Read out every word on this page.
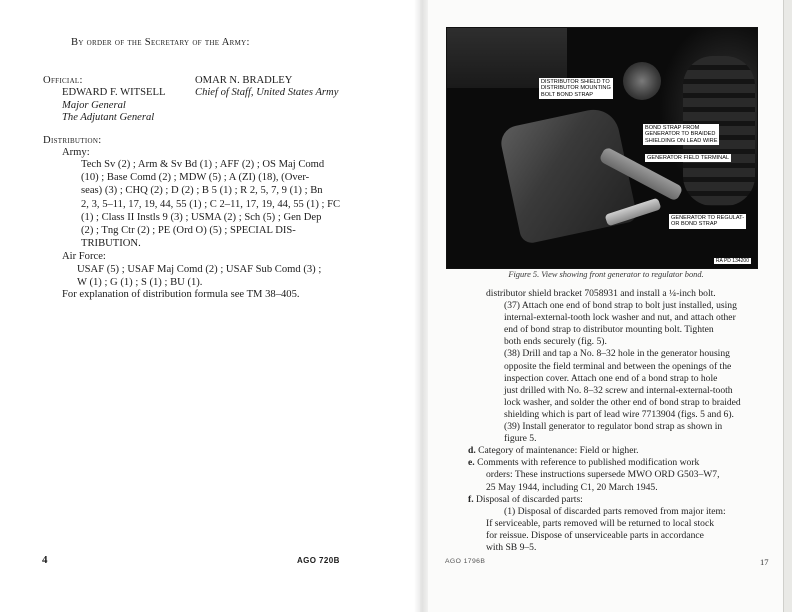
By order of the Secretary of the Army:
Official:
EDWARD F. WITSELL
Major General
The Adjutant General
OMAR N. BRADLEY
Chief of Staff, United States Army
Distribution:
Army:
Tech Sv (2) ; Arm & Sv Bd (1) ; AFF (2) ; OS Maj Comd
(10) ; Base Comd (2) ; MDW (5) ; A (ZI) (18), (Over-
seas) (3) ; CHQ (2) ; D (2) ; B 5 (1) ; R 2, 5, 7, 9 (1) ; Bn
2, 3, 5–11, 17, 19, 44, 55 (1) ; C 2–11, 17, 19, 44, 55 (1) ; FC
(1) ; Class II Instls 9 (3) ; USMA (2) ; Sch (5) ; Gen Dep
(2) ; Tng Ctr (2) ; PE (Ord O) (5) ; SPECIAL DIS-
TRIBUTION.
Air Force:
USAF (5) ; USAF Maj Comd (2) ; USAF Sub Comd (3) ;
W (1) ; G (1) ; S (1) ; BU (1).
For explanation of distribution formula see TM 38–405.
4	AGO 720B
DISTRIBUTOR SHIELD TO
DISTRIBUTOR MOUNTING
BOLT BOND STRAP
BOND STRAP FROM
GENERATOR TO BRAIDED
SHIELDING ON LEAD WIRE
GENERATOR FIELD TERMINAL
GENERATOR TO REGULAT-
OR BOND STRAP
RA PD 134200
Figure 5. View showing front generator to regulator bond.
distributor shield bracket 7058931 and install a ¼-inch bolt.
(37) Attach one end of bond strap to bolt just installed, using
internal-external-tooth lock washer and nut, and attach other
end of bond strap to distributor mounting bolt. Tighten
both ends securely (fig. 5).
(38) Drill and tap a No. 8–32 hole in the generator housing
opposite the field terminal and between the openings of the
inspection cover. Attach one end of a bond strap to hole
just drilled with No. 8–32 screw and internal-external-tooth
lock washer, and solder the other end of bond strap to braided
shielding which is part of lead wire 7713904 (figs. 5 and 6).
(39) Install generator to regulator bond strap as shown in
figure 5.
d. Category of maintenance: Field or higher.
e. Comments with reference to published modification work
orders: These instructions supersede MWO ORD G503–W7,
25 May 1944, including C1, 20 March 1945.
f. Disposal of discarded parts:
(1) Disposal of discarded parts removed from major item:
If serviceable, parts removed will be returned to local stock
for reissue. Dispose of unserviceable parts in accordance
with SB 9–5.
AGO 1796B	17
